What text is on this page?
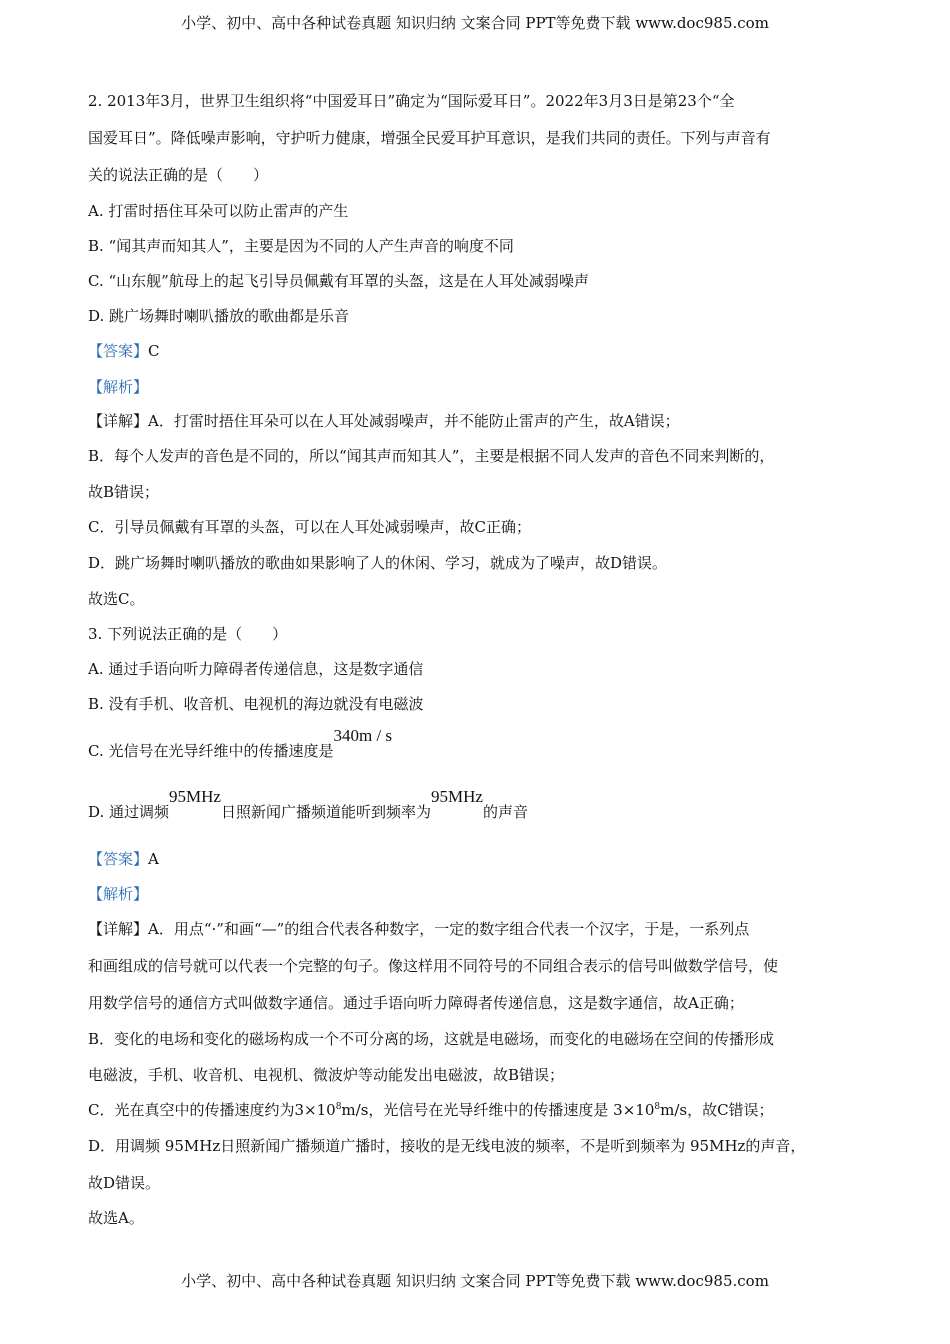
小学、初中、高中各种试卷真题 知识归纳 文案合同 PPT等免费下载 www.doc985.com
2. 2013年3月，世界卫生组织将“中国爱耳日”确定为“国际爱耳日”。2022年3月3日是第23个“全
国爱耳日”。降低噪声影响，守护听力健康，增强全民爱耳护耳意识，是我们共同的责任。下列与声音有
关的说法正确的是（　　）
A. 打雷时捂住耳朵可以防止雷声的产生
B. “闻其声而知其人”，主要是因为不同的人产生声音的响度不同
C. “山东舰”航母上的起飞引导员佩戴有耳罩的头盔，这是在人耳处减弱噪声
D. 跳广场舞时喇叭播放的歌曲都是乐音
【答案】C
【解析】
【详解】A．打雷时捂住耳朵可以在人耳处减弱噪声，并不能防止雷声的产生，故A错误；
B．每个人发声的音色是不同的，所以“闻其声而知其人”，主要是根据不同人发声的音色不同来判断的，
故B错误；
C．引导员佩戴有耳罩的头盔，可以在人耳处减弱噪声，故C正确；
D．跳广场舞时喇叭播放的歌曲如果影响了人的休闲、学习，就成为了噪声，故D错误。
故选C。
3. 下列说法正确的是（　　）
A. 通过手语向听力障碍者传递信息，这是数字通信
B. 没有手机、收音机、电视机的海边就没有电磁波
C. 光信号在光导纤维中的传播速度是340m / s
D. 通过调频95MHz日照新闻广播频道能听到频率为95MHz的声音
【答案】A
【解析】
【详解】A．用点“·”和画“—”的组合代表各种数字，一定的数字组合代表一个汉字，于是，一系列点
和画组成的信号就可以代表一个完整的句子。像这样用不同符号的不同组合表示的信号叫做数学信号，使
用数学信号的通信方式叫做数字通信。通过手语向听力障碍者传递信息，这是数字通信，故A正确；
B．变化的电场和变化的磁场构成一个不可分离的场，这就是电磁场，而变化的电磁场在空间的传播形成
电磁波，手机、收音机、电视机、微波炉等动能发出电磁波，故B错误；
C．光在真空中的传播速度约为$3\times 10^8m/s$，光信号在光导纤维中的传播速度是 $3\times 10^8m/s$，故C错误；
D．用调频 95MHz日照新闻广播频道广播时，接收的是无线电波的频率，不是听到频率为 95MHz的声音，
故D错误。
故选A。
小学、初中、高中各种试卷真题 知识归纳 文案合同 PPT等免费下载 www.doc985.com
